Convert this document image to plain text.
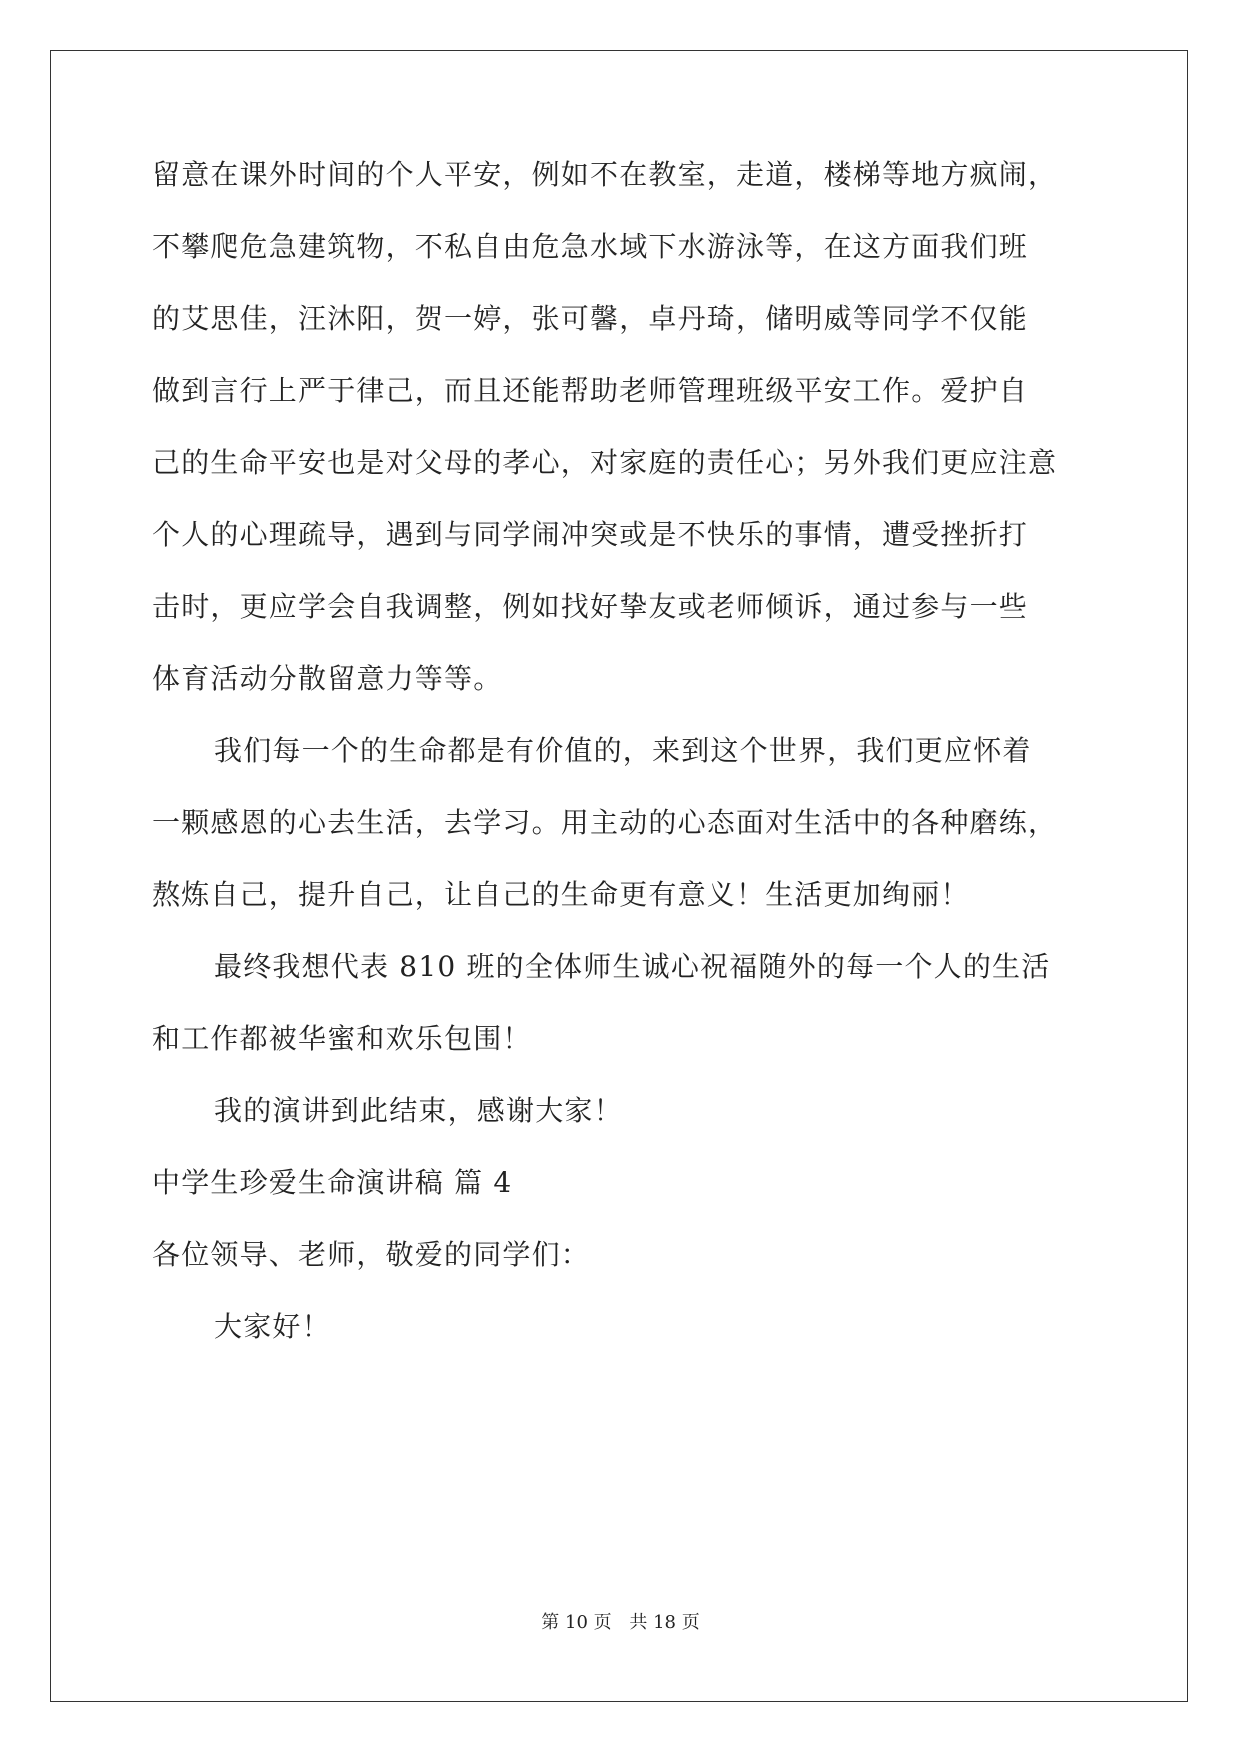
留意在课外时间的个人平安，例如不在教室，走道，楼梯等地方疯闹，
不攀爬危急建筑物，不私自由危急水域下水游泳等，在这方面我们班
的艾思佳，汪沐阳，贺一婷，张可馨，卓丹琦，储明威等同学不仅能
做到言行上严于律己，而且还能帮助老师管理班级平安工作。爱护自
己的生命平安也是对父母的孝心，对家庭的责任心；另外我们更应注意
个人的心理疏导，遇到与同学闹冲突或是不快乐的事情，遭受挫折打
击时，更应学会自我调整，例如找好挚友或老师倾诉，通过参与一些
体育活动分散留意力等等。
我们每一个的生命都是有价值的，来到这个世界，我们更应怀着
一颗感恩的心去生活，去学习。用主动的心态面对生活中的各种磨练，
熬炼自己，提升自己，让自己的生命更有意义！生活更加绚丽！
最终我想代表 810 班的全体师生诚心祝福随外的每一个人的生活
和工作都被华蜜和欢乐包围！
我的演讲到此结束，感谢大家！
中学生珍爱生命演讲稿 篇 4
各位领导、老师，敬爱的同学们：
大家好！
第 10 页 共 18 页
